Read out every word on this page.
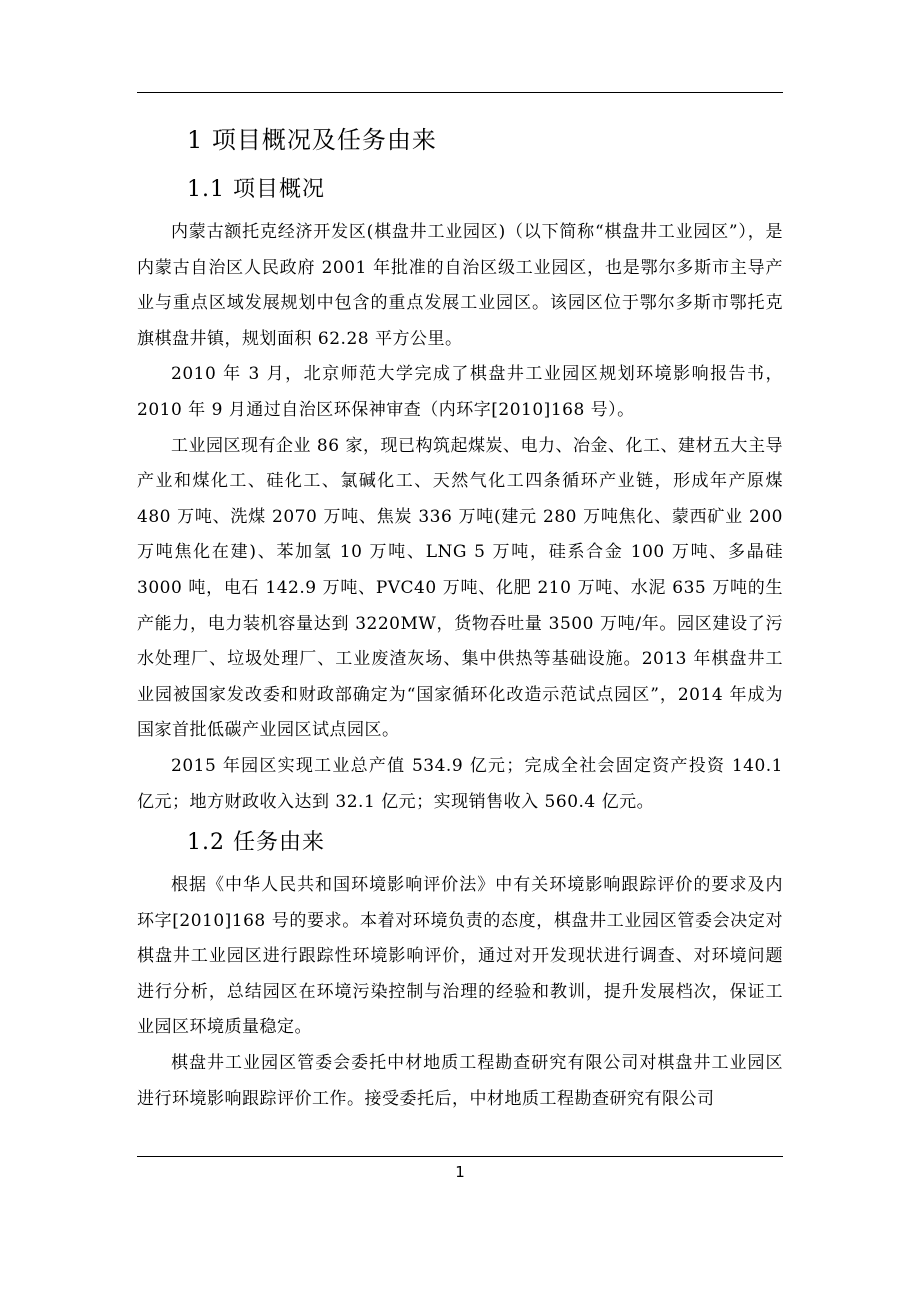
1 项目概况及任务由来
1.1 项目概况

内蒙古额托克经济开发区(棋盘井工业园区)（以下简称“棋盘井工业园区”），是内蒙古自治区人民政府 2001 年批准的自治区级工业园区，也是鄂尔多斯市主导产业与重点区域发展规划中包含的重点发展工业园区。该园区位于鄂尔多斯市鄂托克旗棋盘井镇，规划面积 62.28 平方公里。

2010 年 3 月，北京师范大学完成了棋盘井工业园区规划环境影响报告书，2010 年 9 月通过自治区环保神审查（内环字[2010]168 号）。

工业园区现有企业 86 家，现已构筑起煤炭、电力、冶金、化工、建材五大主导产业和煤化工、硅化工、氯碱化工、天然气化工四条循环产业链，形成年产原煤 480 万吨、洗煤 2070 万吨、焦炭 336 万吨(建元 280 万吨焦化、蒙西矿业 200 万吨焦化在建)、苯加氢 10 万吨、LNG 5 万吨，硅系合金 100 万吨、多晶硅 3000 吨，电石 142.9 万吨、PVC40 万吨、化肥 210 万吨、水泥 635 万吨的生产能力，电力装机容量达到 3220MW，货物吞吐量 3500 万吨/年。园区建设了污水处理厂、垃圾处理厂、工业废渣灰场、集中供热等基础设施。2013 年棋盘井工业园被国家发改委和财政部确定为“国家循环化改造示范试点园区”，2014 年成为国家首批低碳产业园区试点园区。

2015 年园区实现工业总产值 534.9 亿元；完成全社会固定资产投资 140.1 亿元；地方财政收入达到 32.1 亿元；实现销售收入 560.4 亿元。

1.2 任务由来

根据《中华人民共和国环境影响评价法》中有关环境影响跟踪评价的要求及内环字[2010]168 号的要求。本着对环境负责的态度，棋盘井工业园区管委会决定对棋盘井工业园区进行跟踪性环境影响评价，通过对开发现状进行调查、对环境问题进行分析，总结园区在环境污染控制与治理的经验和教训，提升发展档次，保证工业园区环境质量稳定。

棋盘井工业园区管委会委托中材地质工程勘查研究有限公司对棋盘井工业园区进行环境影响跟踪评价工作。接受委托后，中材地质工程勘查研究有限公司

1
